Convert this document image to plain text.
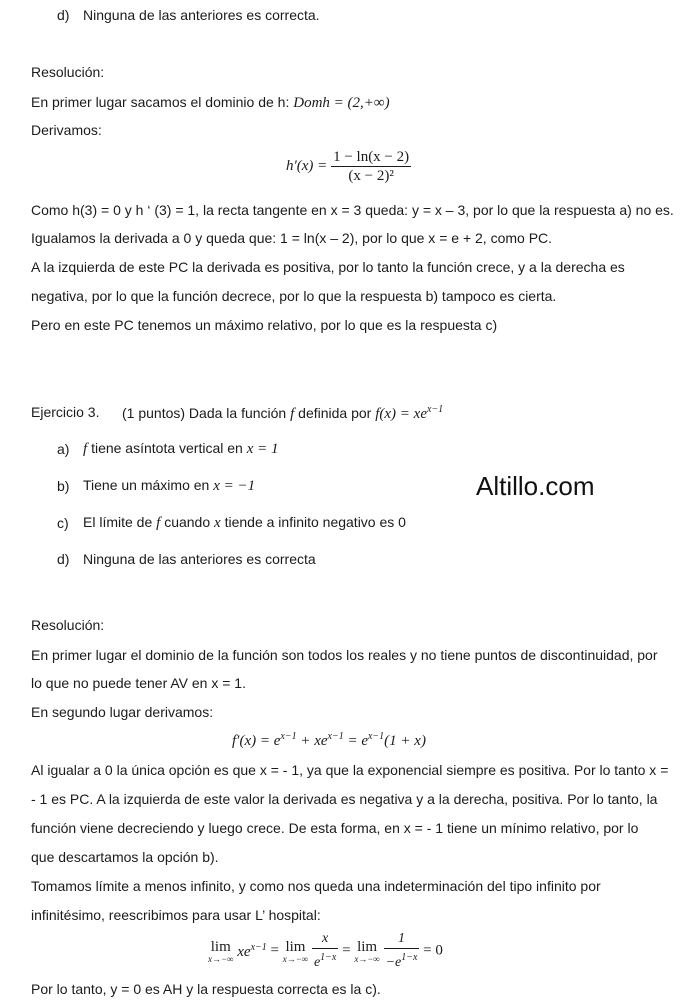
d) Ninguna de las anteriores es correcta.
Resolución:
En primer lugar sacamos el dominio de h: Domh = (2,+∞)
Derivamos:
$h'(x) = \frac{1 - \ln(x - 2)}{\text{(x − 2)²}}$
Como h(3) = 0 y h ‘ (3) = 1, la recta tangente en x = 3 queda: y = x – 3, por lo que la respuesta a) no es.
Igualamos la derivada a 0 y queda que: 1 = ln(x – 2), por lo que x = e + 2, como PC.
A la izquierda de este PC la derivada es positiva, por lo tanto la función crece, y a la derecha es
negativa, por lo que la función decrece, por lo que la respuesta b) tampoco es cierta.
Pero en este PC tenemos un máximo relativo, por lo que es la respuesta c)
Ejercicio 3. (1 puntos) Dada la función f definida por $f(x) = xe^{x-1}$
a) f tiene asíntota vertical en x = 1
b) Tiene un máximo en x = −1
c) El límite de f cuando x tiende a infinito negativo es 0
d) Ninguna de las anteriores es correcta
Altillo.com
Resolución:
En primer lugar el dominio de la función son todos los reales y no tiene puntos de discontinuidad, por
lo que no puede tener AV en x = 1.
En segundo lugar derivamos:
$f'(x) = e^{x-1} + xe^{x-1} = e^{x-1}(1 + x)$
Al igualar a 0 la única opción es que x = - 1, ya que la exponencial siempre es positiva. Por lo tanto x =
- 1 es PC. A la izquierda de este valor la derivada es negativa y a la derecha, positiva. Por lo tanto, la
función viene decreciendo y luego crece. De esta forma, en x = - 1 tiene un mínimo relativo, por lo
que descartamos la opción b).
Tomamos límite a menos infinito, y como nos queda una indeterminación del tipo infinito por
infinitésimo, reescribimos para usar L’ hospital:
lim
x→−∞ $xe^{x-1} = \lim$
x→−∞
$\frac{x}{e^{1-x}} = \lim$
x→−∞
$\frac{1}{-e^{1-x}} = 0$
Por lo tanto, y = 0 es AH y la respuesta correcta es la c).
